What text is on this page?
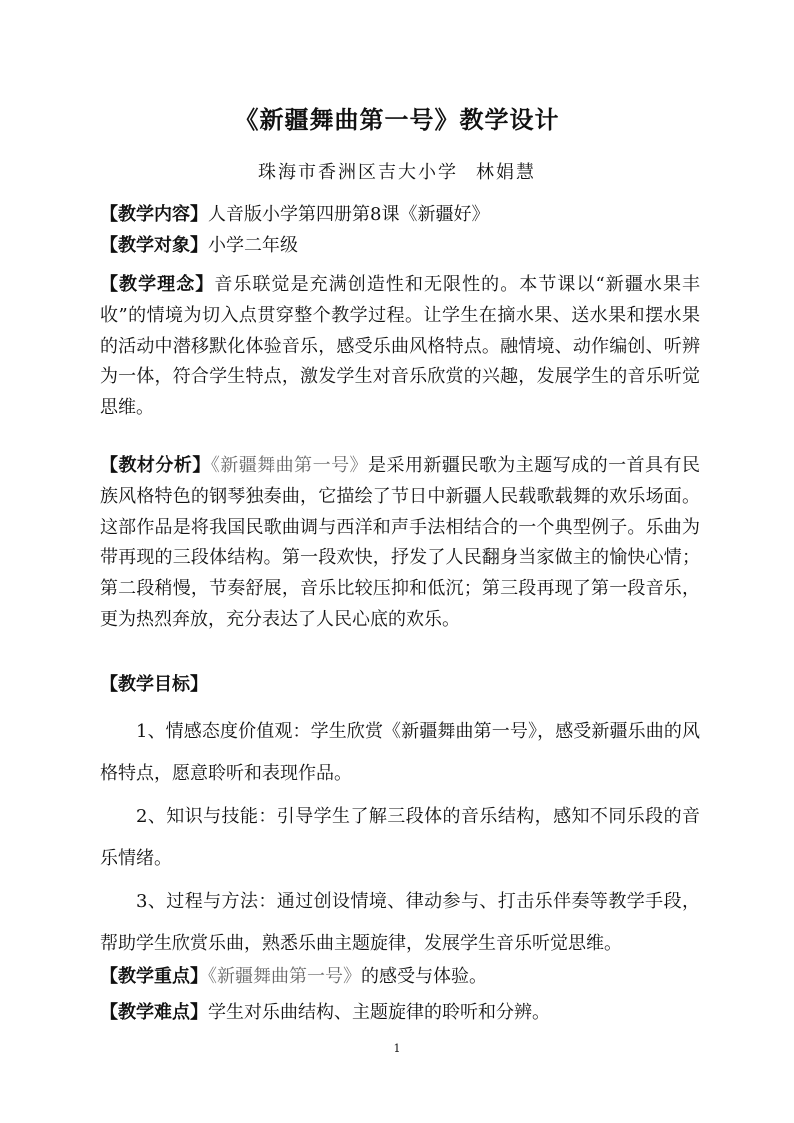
《新疆舞曲第一号》教学设计
珠海市香洲区吉大小学 林娟慧

【教学内容】人音版小学第四册第8课《新疆好》

【教学对象】小学二年级

【教学理念】音乐联觉是充满创造性和无限性的。本节课以“新疆水果丰收”的情境为切入点贯穿整个教学过程。让学生在摘水果、送水果和摆水果的活动中潜移默化体验音乐，感受乐曲风格特点。融情境、动作编创、听辨为一体，符合学生特点，激发学生对音乐欣赏的兴趣，发展学生的音乐听觉思维。

【教材分析】《新疆舞曲第一号》是采用新疆民歌为主题写成的一首具有民族风格特色的钢琴独奏曲，它描绘了节日中新疆人民载歌载舞的欢乐场面。这部作品是将我国民歌曲调与西洋和声手法相结合的一个典型例子。乐曲为带再现的三段体结构。第一段欢快，抒发了人民翻身当家做主的愉快心情；第二段稍慢，节奏舒展，音乐比较压抑和低沉；第三段再现了第一段音乐，更为热烈奔放，充分表达了人民心底的欢乐。

【教学目标】

1、情感态度价值观：学生欣赏《新疆舞曲第一号》，感受新疆乐曲的风格特点，愿意聆听和表现作品。

2、知识与技能：引导学生了解三段体的音乐结构，感知不同乐段的音乐情绪。

3、过程与方法：通过创设情境、律动参与、打击乐伴奏等教学手段，帮助学生欣赏乐曲，熟悉乐曲主题旋律，发展学生音乐听觉思维。

【教学重点】《新疆舞曲第一号》的感受与体验。

【教学难点】学生对乐曲结构、主题旋律的聆听和分辨。

1
